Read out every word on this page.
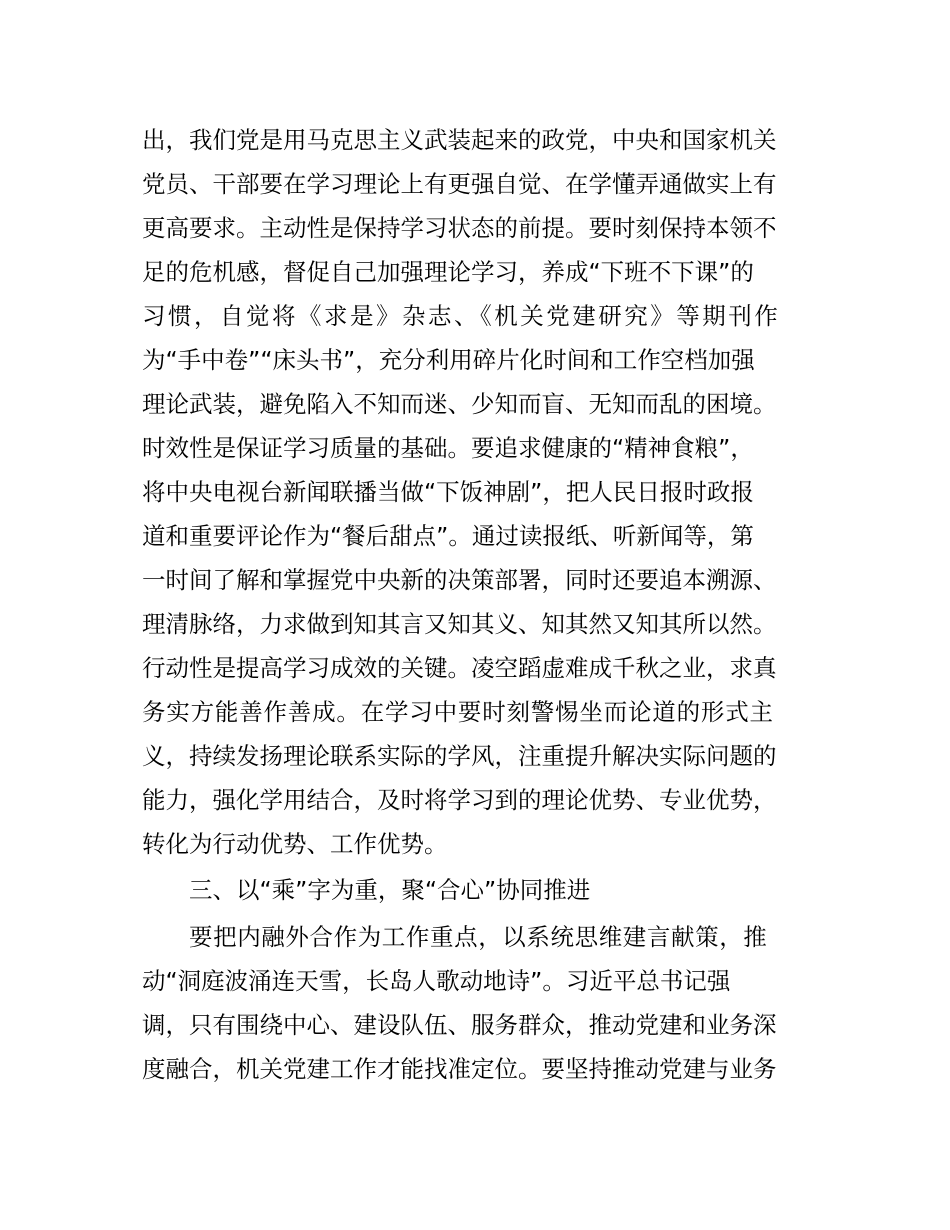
出，我们党是用马克思主义武装起来的政党，中央和国家机关
党员、干部要在学习理论上有更强自觉、在学懂弄通做实上有
更高要求。主动性是保持学习状态的前提。要时刻保持本领不
足的危机感，督促自己加强理论学习，养成“下班不下课”的
习惯，自觉将《求是》杂志、《机关党建研究》等期刊作
为“手中卷”“床头书”，充分利用碎片化时间和工作空档加强
理论武装，避免陷入不知而迷、少知而盲、无知而乱的困境。
时效性是保证学习质量的基础。要追求健康的“精神食粮”，
将中央电视台新闻联播当做“下饭神剧”，把人民日报时政报
道和重要评论作为“餐后甜点”。通过读报纸、听新闻等，第
一时间了解和掌握党中央新的决策部署，同时还要追本溯源、
理清脉络，力求做到知其言又知其义、知其然又知其所以然。
行动性是提高学习成效的关键。凌空蹈虚难成千秋之业，求真
务实方能善作善成。在学习中要时刻警惕坐而论道的形式主
义，持续发扬理论联系实际的学风，注重提升解决实际问题的
能力，强化学用结合，及时将学习到的理论优势、专业优势，
转化为行动优势、工作优势。
三、以“乘”字为重，聚“合心”协同推进
要把内融外合作为工作重点，以系统思维建言献策，推
动“洞庭波涌连天雪，长岛人歌动地诗”。习近平总书记强
调，只有围绕中心、建设队伍、服务群众，推动党建和业务深
度融合，机关党建工作才能找准定位。要坚持推动党建与业务
